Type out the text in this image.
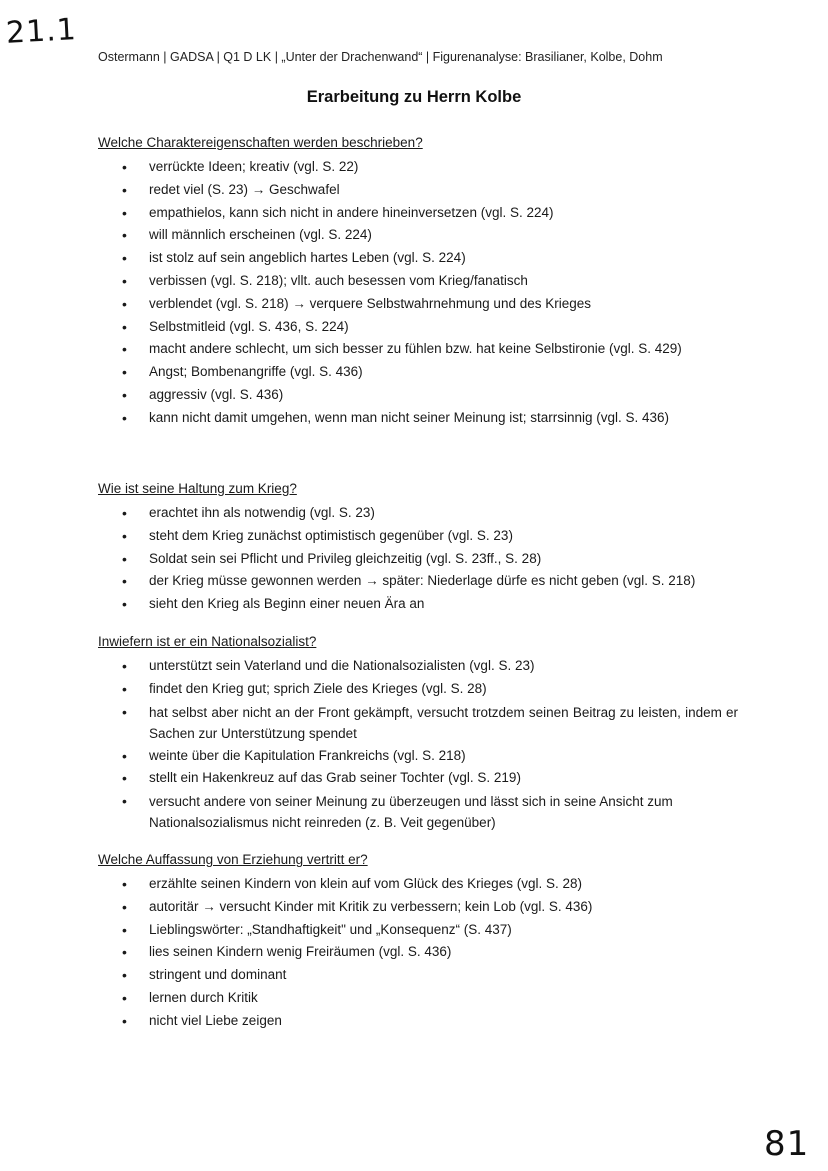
21.1
Ostermann | GADSA | Q1 D LK | „Unter der Drachenwand“ | Figurenanalyse: Brasilianer, Kolbe, Dohm
Erarbeitung zu Herrn Kolbe
Welche Charaktereigenschaften werden beschrieben?
• verrückte Ideen; kreativ (vgl. S. 22)
• redet viel (S. 23) → Geschwafel
• empathielos, kann sich nicht in andere hineinversetzen (vgl. S. 224)
• will männlich erscheinen (vgl. S. 224)
• ist stolz auf sein angeblich hartes Leben (vgl. S. 224)
• verbissen (vgl. S. 218); vllt. auch besessen vom Krieg/fanatisch
• verblendet (vgl. S. 218) → verquere Selbstwahrnehmung und des Krieges
• Selbstmitleid (vgl. S. 436, S. 224)
• macht andere schlecht, um sich besser zu fühlen bzw. hat keine Selbstironie (vgl. S. 429)
• Angst; Bombenangriffe (vgl. S. 436)
• aggressiv (vgl. S. 436)
• kann nicht damit umgehen, wenn man nicht seiner Meinung ist; starrsinnig (vgl. S. 436)
Wie ist seine Haltung zum Krieg?
• erachtet ihn als notwendig (vgl. S. 23)
• steht dem Krieg zunächst optimistisch gegenüber (vgl. S. 23)
• Soldat sein sei Pflicht und Privileg gleichzeitig (vgl. S. 23ff., S. 28)
• der Krieg müsse gewonnen werden → später: Niederlage dürfe es nicht geben (vgl. S. 218)
• sieht den Krieg als Beginn einer neuen Ära an
Inwiefern ist er ein Nationalsozialist?
• unterstützt sein Vaterland und die Nationalsozialisten (vgl. S. 23)
• findet den Krieg gut; sprich Ziele des Krieges (vgl. S. 28)
• hat selbst aber nicht an der Front gekämpft, versucht trotzdem seinen Beitrag zu leisten, indem er Sachen zur Unterstützung spendet
• weinte über die Kapitulation Frankreichs (vgl. S. 218)
• stellt ein Hakenkreuz auf das Grab seiner Tochter (vgl. S. 219)
• versucht andere von seiner Meinung zu überzeugen und lässt sich in seine Ansicht zum Nationalsozialismus nicht reinreden (z. B. Veit gegenüber)
Welche Auffassung von Erziehung vertritt er?
• erzählte seinen Kindern von klein auf vom Glück des Krieges (vgl. S. 28)
• autoritär → versucht Kinder mit Kritik zu verbessern; kein Lob (vgl. S. 436)
• Lieblingswörter: „Standhaftigkeit" und „Konsequenz“ (S. 437)
• lies seinen Kindern wenig Freiräumen (vgl. S. 436)
• stringent und dominant
• lernen durch Kritik
• nicht viel Liebe zeigen
81
